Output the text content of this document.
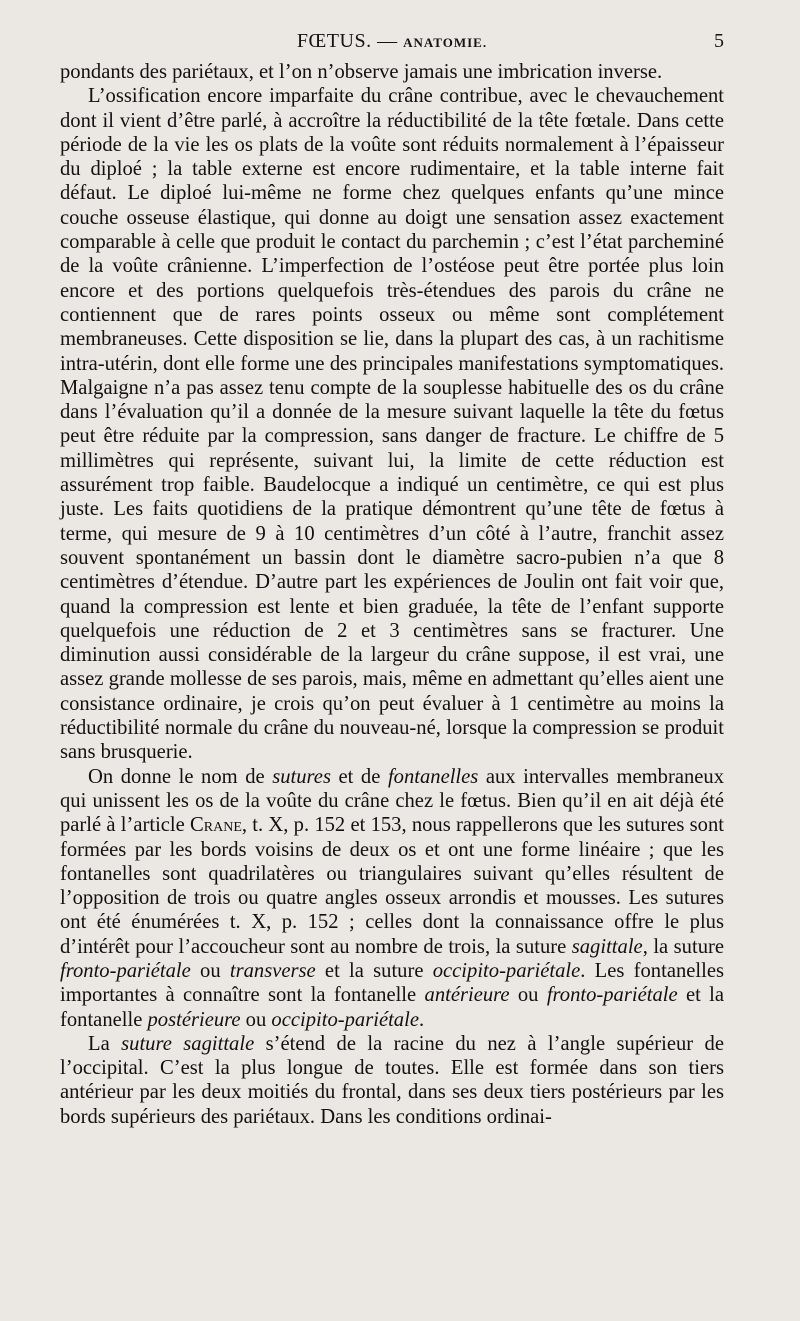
FŒTUS. — ANATOMIE.	5

pondants des pariétaux, et l’on n’observe jamais une imbrication inverse.

L’ossification encore imparfaite du crâne contribue, avec le chevauchement dont il vient d’être parlé, à accroître la réductibilité de la tête fœtale. Dans cette période de la vie les os plats de la voûte sont réduits normalement à l’épaisseur du diploé ; la table externe est encore rudimentaire, et la table interne fait défaut. Le diploé lui-même ne forme chez quelques enfants qu’une mince couche osseuse élastique, qui donne au doigt une sensation assez exactement comparable à celle que produit le contact du parchemin ; c’est l’état parcheminé de la voûte crânienne. L’imperfection de l’ostéose peut être portée plus loin encore et des portions quelquefois très-étendues des parois du crâne ne contiennent que de rares points osseux ou même sont complétement membraneuses. Cette disposition se lie, dans la plupart des cas, à un rachitisme intra-utérin, dont elle forme une des principales manifestations symptomatiques. Malgaigne n’a pas assez tenu compte de la souplesse habituelle des os du crâne dans l’évaluation qu’il a donnée de la mesure suivant laquelle la tête du fœtus peut être réduite par la compression, sans danger de fracture. Le chiffre de 5 millimètres qui représente, suivant lui, la limite de cette réduction est assurément trop faible. Baudelocque a indiqué un centimètre, ce qui est plus juste. Les faits quotidiens de la pratique démontrent qu’une tête de fœtus à terme, qui mesure de 9 à 10 centimètres d’un côté à l’autre, franchit assez souvent spontanément un bassin dont le diamètre sacro-pubien n’a que 8 centimètres d’étendue. D’autre part les expériences de Joulin ont fait voir que, quand la compression est lente et bien graduée, la tête de l’enfant supporte quelquefois une réduction de 2 et 3 centimètres sans se fracturer. Une diminution aussi considérable de la largeur du crâne suppose, il est vrai, une assez grande mollesse de ses parois, mais, même en admettant qu’elles aient une consistance ordinaire, je crois qu’on peut évaluer à 1 centimètre au moins la réductibilité normale du crâne du nouveau-né, lorsque la compression se produit sans brusquerie.

On donne le nom de sutures et de fontanelles aux intervalles membraneux qui unissent les os de la voûte du crâne chez le fœtus. Bien qu’il en ait déjà été parlé à l’article Crane, t. X, p. 152 et 153, nous rappellerons que les sutures sont formées par les bords voisins de deux os et ont une forme linéaire ; que les fontanelles sont quadrilatères ou triangulaires suivant qu’elles résultent de l’opposition de trois ou quatre angles osseux arrondis et mousses. Les sutures ont été énumérées t. X, p. 152 ; celles dont la connaissance offre le plus d’intérêt pour l’accoucheur sont au nombre de trois, la suture sagittale, la suture fronto-pariétale ou transverse et la suture occipito-pariétale. Les fontanelles importantes à connaître sont la fontanelle antérieure ou fronto-pariétale et la fontanelle postérieure ou occipito-pariétale.

La suture sagittale s’étend de la racine du nez à l’angle supérieur de l’occipital. C’est la plus longue de toutes. Elle est formée dans son tiers antérieur par les deux moitiés du frontal, dans ses deux tiers postérieurs par les bords supérieurs des pariétaux. Dans les conditions ordinai-
